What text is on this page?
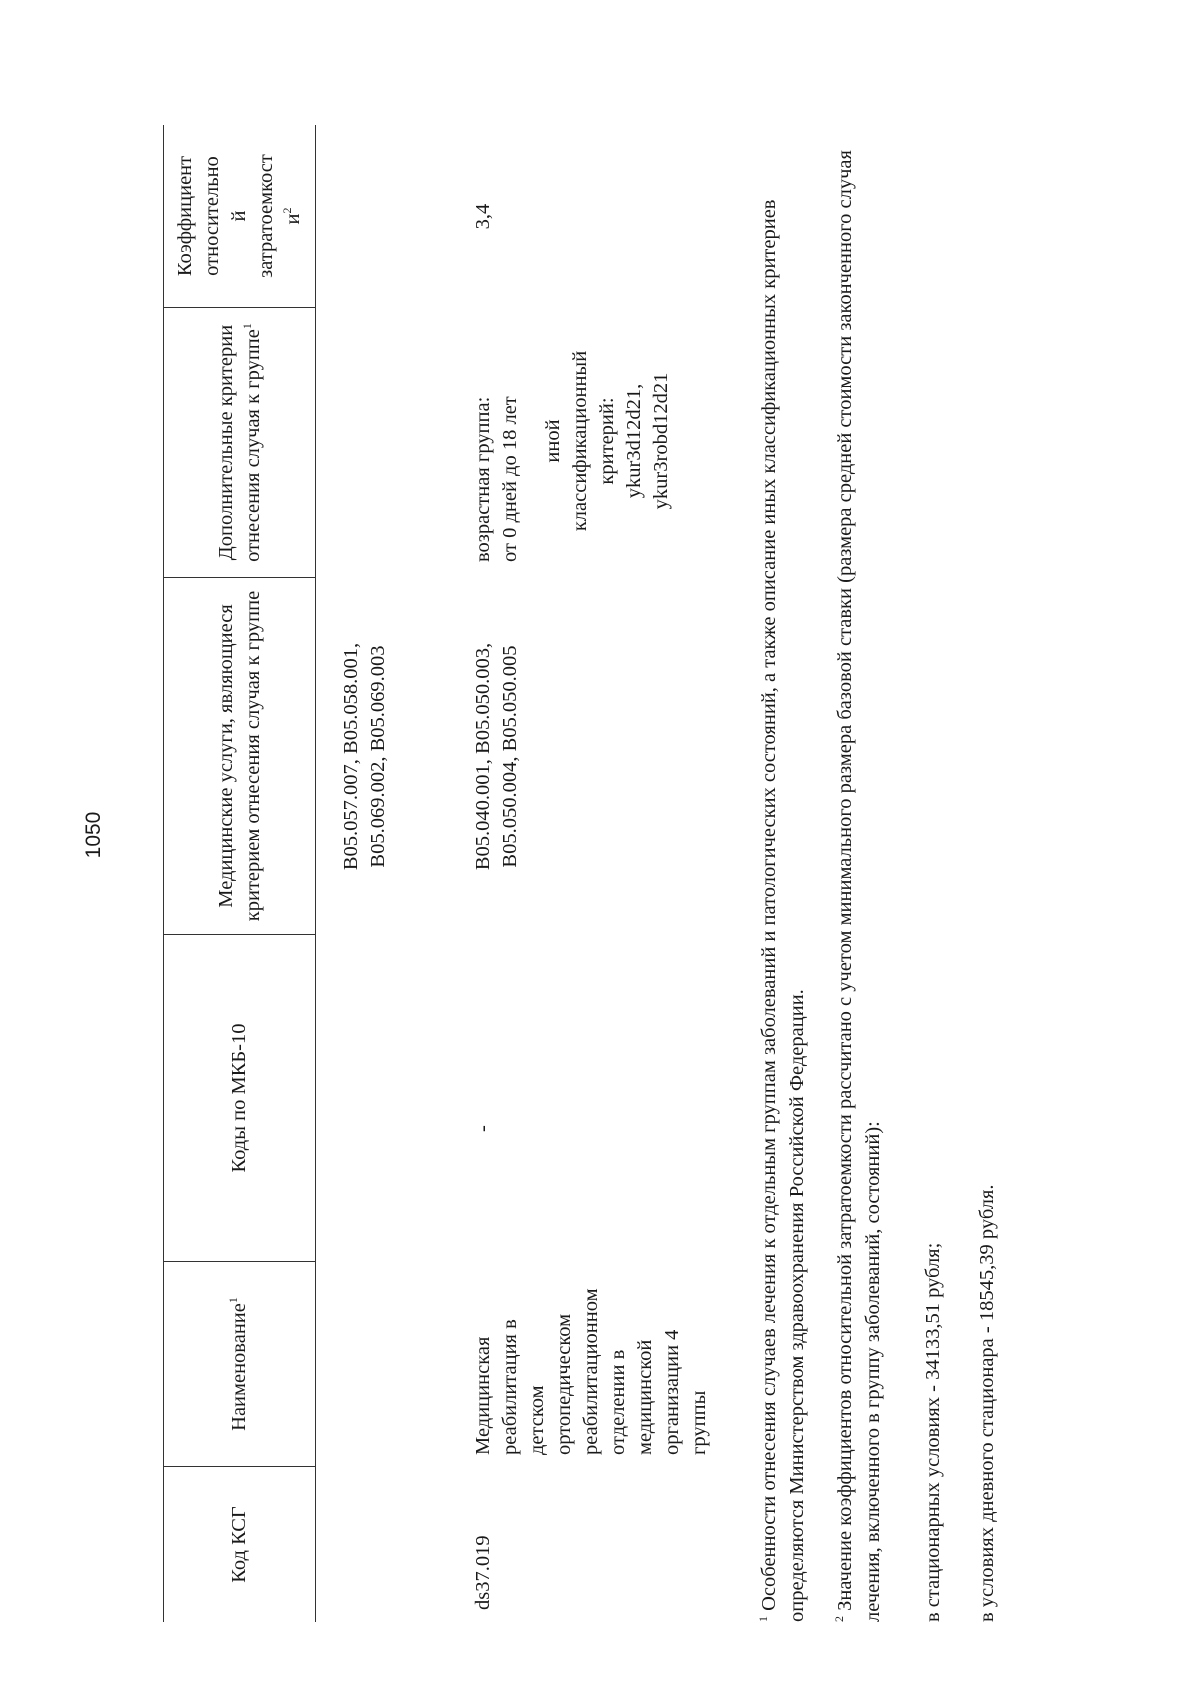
1050
Код КСГ
Наименование$^1$
Коды по МКБ-10
Медицинские услуги, являющиеся критерием отнесения случая к группе
Дополнительные критерии отнесения случая к группе$^1$
Коэффициент относительно й затратоемкост $и^2$
B05.057.007, B05.058.001, B05.069.002, B05.069.003
ds37.019
Медицинская реабилитация в детском ортопедическом реабилитационном отделении в медицинской организации 4 группы
-
B05.040.001, B05.050.003, B05.050.004, B05.050.005
возрастная группа: от 0 дней до 18 лет иной классификационный критерий: ykur3d12d21, ykur3robd12d21
3,4

$^1$ Особенности отнесения случаев лечения к отдельным группам заболеваний и патологических состояний, а также описание иных классификационных критериев определяются Министерством здравоохранения Российской Федерации. $^2$ Значение коэффициентов относительной затратоемкости рассчитано с учетом минимального размера базовой ставки (размера средней стоимости законченного случая лечения, включенного в группу заболеваний, состояний): в стационарных условиях - 34133,51 рубля; в условиях дневного стационара - 18545,39 рубля.
